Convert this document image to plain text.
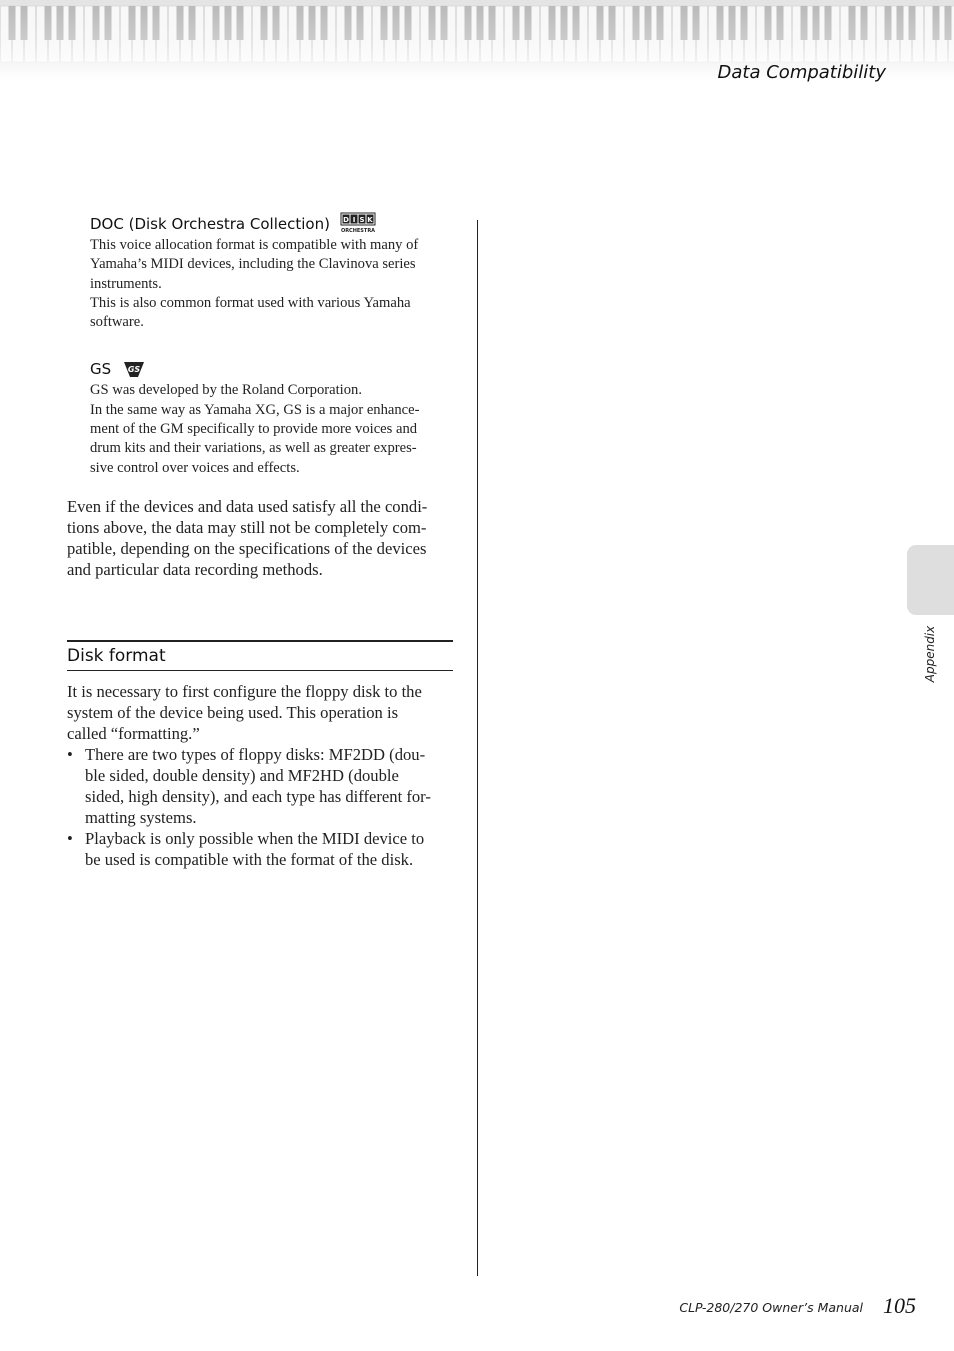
Data Compatibility
DOC (Disk Orchestra Collection) D I S K
ORCHESTRA

This voice allocation format is compatible with many of
Yamaha’s MIDI devices, including the Clavinova series
instruments.
This is also common format used with various Yamaha
software.

GS GS

GS was developed by the Roland Corporation.
In the same way as Yamaha XG, GS is a major enhance-
ment of the GM specifically to provide more voices and
drum kits and their variations, as well as greater expres-
sive control over voices and effects.

Even if the devices and data used satisfy all the condi-
tions above, the data may still not be completely com-
patible, depending on the specifications of the devices
and particular data recording methods.

Disk format

It is necessary to first configure the floppy disk to the
system of the device being used. This operation is
called “formatting.”

• There are two types of floppy disks: MF2DD (dou-
ble sided, double density) and MF2HD (double
sided, high density), and each type has different for-
matting systems.
• Playback is only possible when the MIDI device to
be used is compatible with the format of the disk.
Appendix
CLP-280/270 Owner’s Manual 105
